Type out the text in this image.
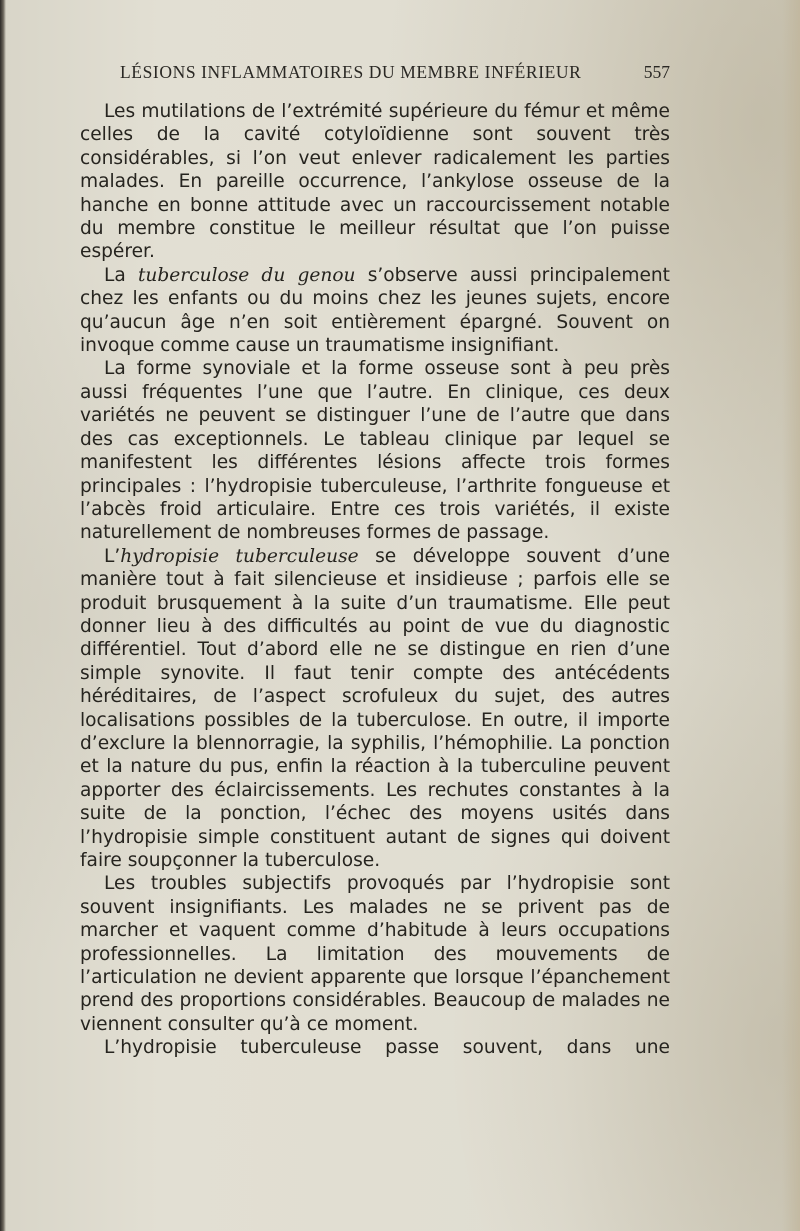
LÉSIONS INFLAMMATOIRES DU MEMBRE INFÉRIEUR	557

Les mutilations de l’extrémité supérieure du fémur et même celles de la cavité cotyloïdienne sont souvent très considérables, si l’on veut enlever radicalement les parties malades. En pareille occurrence, l’ankylose osseuse de la hanche en bonne attitude avec un raccourcissement notable du membre constitue le meilleur résultat que l’on puisse espérer.

La tuberculose du genou s’observe aussi principalement chez les enfants ou du moins chez les jeunes sujets, encore qu’aucun âge n’en soit entièrement épargné. Souvent on invoque comme cause un traumatisme insignifiant.

La forme synoviale et la forme osseuse sont à peu près aussi fréquentes l’une que l’autre. En clinique, ces deux variétés ne peuvent se distinguer l’une de l’autre que dans des cas exceptionnels. Le tableau clinique par lequel se manifestent les différentes lésions affecte trois formes principales : l’hydropisie tuberculeuse, l’arthrite fongueuse et l’abcès froid articulaire. Entre ces trois variétés, il existe naturellement de nombreuses formes de passage.

L’hydropisie tuberculeuse se développe souvent d’une manière tout à fait silencieuse et insidieuse ; parfois elle se produit brusquement à la suite d’un traumatisme. Elle peut donner lieu à des difficultés au point de vue du diagnostic différentiel. Tout d’abord elle ne se distingue en rien d’une simple synovite. Il faut tenir compte des antécédents héréditaires, de l’aspect scrofuleux du sujet, des autres localisations possibles de la tuberculose. En outre, il importe d’exclure la blennorragie, la syphilis, l’hémophilie. La ponction et la nature du pus, enfin la réaction à la tuberculine peuvent apporter des éclaircissements. Les rechutes constantes à la suite de la ponction, l’échec des moyens usités dans l’hydropisie simple constituent autant de signes qui doivent faire soupçonner la tuberculose.

Les troubles subjectifs provoqués par l’hydropisie sont souvent insignifiants. Les malades ne se privent pas de marcher et vaquent comme d’habitude à leurs occupations professionnelles. La limitation des mouvements de l’articulation ne devient apparente que lorsque l’épanchement prend des proportions considérables. Beaucoup de malades ne viennent consulter qu’à ce moment.

L’hydropisie tuberculeuse passe souvent, dans une
